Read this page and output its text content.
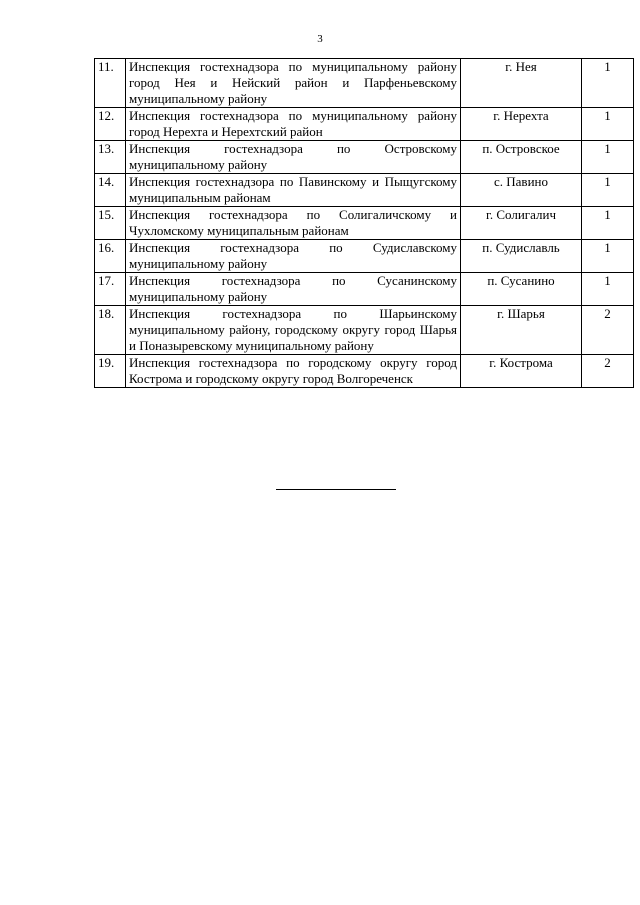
3
11.	Инспекция гостехнадзора по муниципальному району город Нея и Нейский район и Парфеньевскому муниципальному району	г. Нея	1
12.	Инспекция гостехнадзора по муниципальному району город Нерехта и Нерехтский район	г. Нерехта	1
13.	Инспекция гостехнадзора по Островскому муниципальному району	п. Островское	1
14.	Инспекция гостехнадзора по Павинскому и Пыщугскому муниципальным районам	с. Павино	1
15.	Инспекция гостехнадзора по Солигаличскому и Чухломскому муниципальным районам	г. Солигалич	1
16.	Инспекция гостехнадзора по Судиславскому муниципальному району	п. Судиславль	1
17.	Инспекция гостехнадзора по Сусанинскому муниципальному району	п. Сусанино	1
18.	Инспекция гостехнадзора по Шарьинскому муниципальному району, городскому округу город Шарья и Поназыревскому муниципальному району	г. Шарья	2
19.	Инспекция гостехнадзора по городскому округу город Кострома и городскому округу город Волгореченск	г. Кострома	2
